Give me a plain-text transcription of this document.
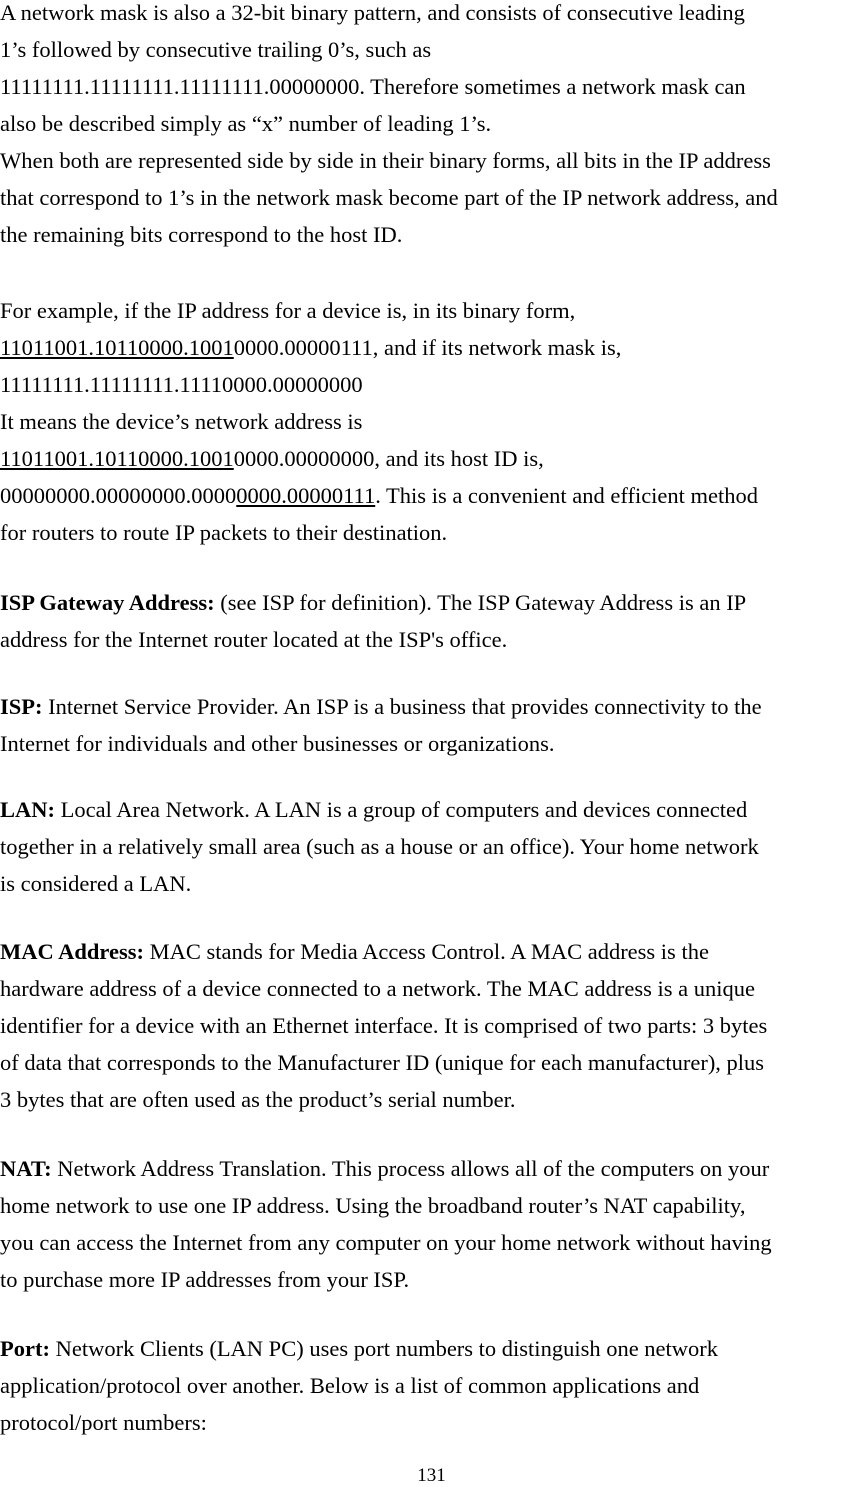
A network mask is also a 32-bit binary pattern, and consists of consecutive leading
1’s followed by consecutive trailing 0’s, such as
11111111.11111111.11111111.00000000. Therefore sometimes a network mask can
also be described simply as “x” number of leading 1’s.
When both are represented side by side in their binary forms, all bits in the IP address
that correspond to 1’s in the network mask become part of the IP network address, and
the remaining bits correspond to the host ID.
For example, if the IP address for a device is, in its binary form,
11011001.10110000.10010000.00000111, and if its network mask is,
11111111.11111111.11110000.00000000
It means the device’s network address is
11011001.10110000.10010000.00000000, and its host ID is,
00000000.00000000.00000000.00000111. This is a convenient and efficient method
for routers to route IP packets to their destination.
ISP Gateway Address: (see ISP for definition). The ISP Gateway Address is an IP
address for the Internet router located at the ISP's office.
ISP: Internet Service Provider. An ISP is a business that provides connectivity to the
Internet for individuals and other businesses or organizations.
LAN: Local Area Network. A LAN is a group of computers and devices connected
together in a relatively small area (such as a house or an office). Your home network
is considered a LAN.
MAC Address: MAC stands for Media Access Control. A MAC address is the
hardware address of a device connected to a network. The MAC address is a unique
identifier for a device with an Ethernet interface. It is comprised of two parts: 3 bytes
of data that corresponds to the Manufacturer ID (unique for each manufacturer), plus
3 bytes that are often used as the product’s serial number.
NAT: Network Address Translation. This process allows all of the computers on your
home network to use one IP address. Using the broadband router’s NAT capability,
you can access the Internet from any computer on your home network without having
to purchase more IP addresses from your ISP.
Port: Network Clients (LAN PC) uses port numbers to distinguish one network
application/protocol over another. Below is a list of common applications and
protocol/port numbers:
131
